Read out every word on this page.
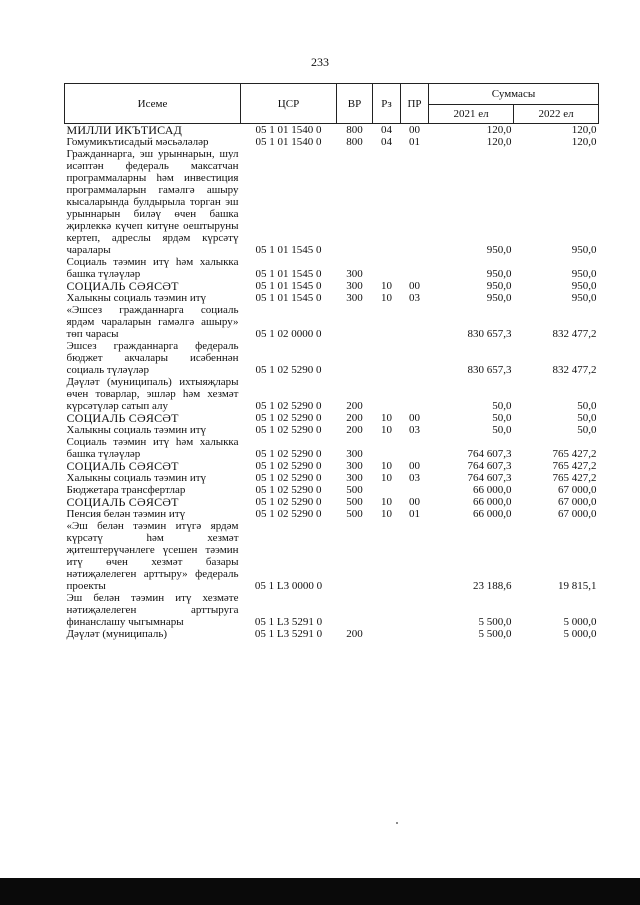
233
Исеме	ЦСР	ВР	Рз	ПР	Суммасы	
					2021 ел	2022 ел
МИЛЛИ ИКЪТИСАД	05 1 01 1540 0	800	04	00	120,0	120,0
Гомумикътисадый мәсьәләләр	05 1 01 1540 0	800	04	01	120,0	120,0
Гражданнарга, эш урыннарын, шул исәптән федераль максатчан программаларны һәм инвестиция программаларын гамәлгә ашыру кысаларында булдырыла торган эш урыннарын биләү өчен башка җирлеккә күчеп китүне оештыруны кертеп, адреслы ярдәм күрсәтү чаралары	05 1 01 1545 0				950,0	950,0
Социаль тәэмин итү һәм халыкка башка түләүләр	05 1 01 1545 0	300			950,0	950,0
СОЦИАЛЬ СӘЯСӘТ	05 1 01 1545 0	300	10	00	950,0	950,0
Халыкны социаль тәэмин итү	05 1 01 1545 0	300	10	03	950,0	950,0
«Эшсез гражданнарга социаль ярдәм чараларын гамәлгә ашыру» төп чарасы	05 1 02 0000 0				830 657,3	832 477,2
Эшсез гражданнарга федераль бюджет акчалары исәбеннән социаль түләүләр	05 1 02 5290 0				830 657,3	832 477,2
Дәүләт (муниципаль) ихтыяҗлары өчен товарлар, эшләр һәм хезмәт күрсәтүләр сатып алу	05 1 02 5290 0	200			50,0	50,0
СОЦИАЛЬ СӘЯСӘТ	05 1 02 5290 0	200	10	00	50,0	50,0
Халыкны социаль тәэмин итү	05 1 02 5290 0	200	10	03	50,0	50,0
Социаль тәэмин итү һәм халыкка башка түләүләр	05 1 02 5290 0	300			764 607,3	765 427,2
СОЦИАЛЬ СӘЯСӘТ	05 1 02 5290 0	300	10	00	764 607,3	765 427,2
Халыкны социаль тәэмин итү	05 1 02 5290 0	300	10	03	764 607,3	765 427,2
Бюджетара трансфертлар	05 1 02 5290 0	500			66 000,0	67 000,0
СОЦИАЛЬ СӘЯСӘТ	05 1 02 5290 0	500	10	00	66 000,0	67 000,0
Пенсия белән тәэмин итү	05 1 02 5290 0	500	10	01	66 000,0	67 000,0
«Эш белән тәэмин итүгә ярдәм күрсәтү һәм хезмәт җитештерүчәнлеге үсешен тәэмин итү өчен хезмәт базары нәтиҗәлелеген арттыру» федераль проекты	05 1 L3 0000 0				23 188,6	19 815,1
Эш белән тәэмин итү хезмәте нәтиҗәлелеген арттыруга финанслашу чыгымнары	05 1 L3 5291 0				5 500,0	5 000,0
Дәүләт (муниципаль)	05 1 L3 5291 0	200			5 500,0	5 000,0
